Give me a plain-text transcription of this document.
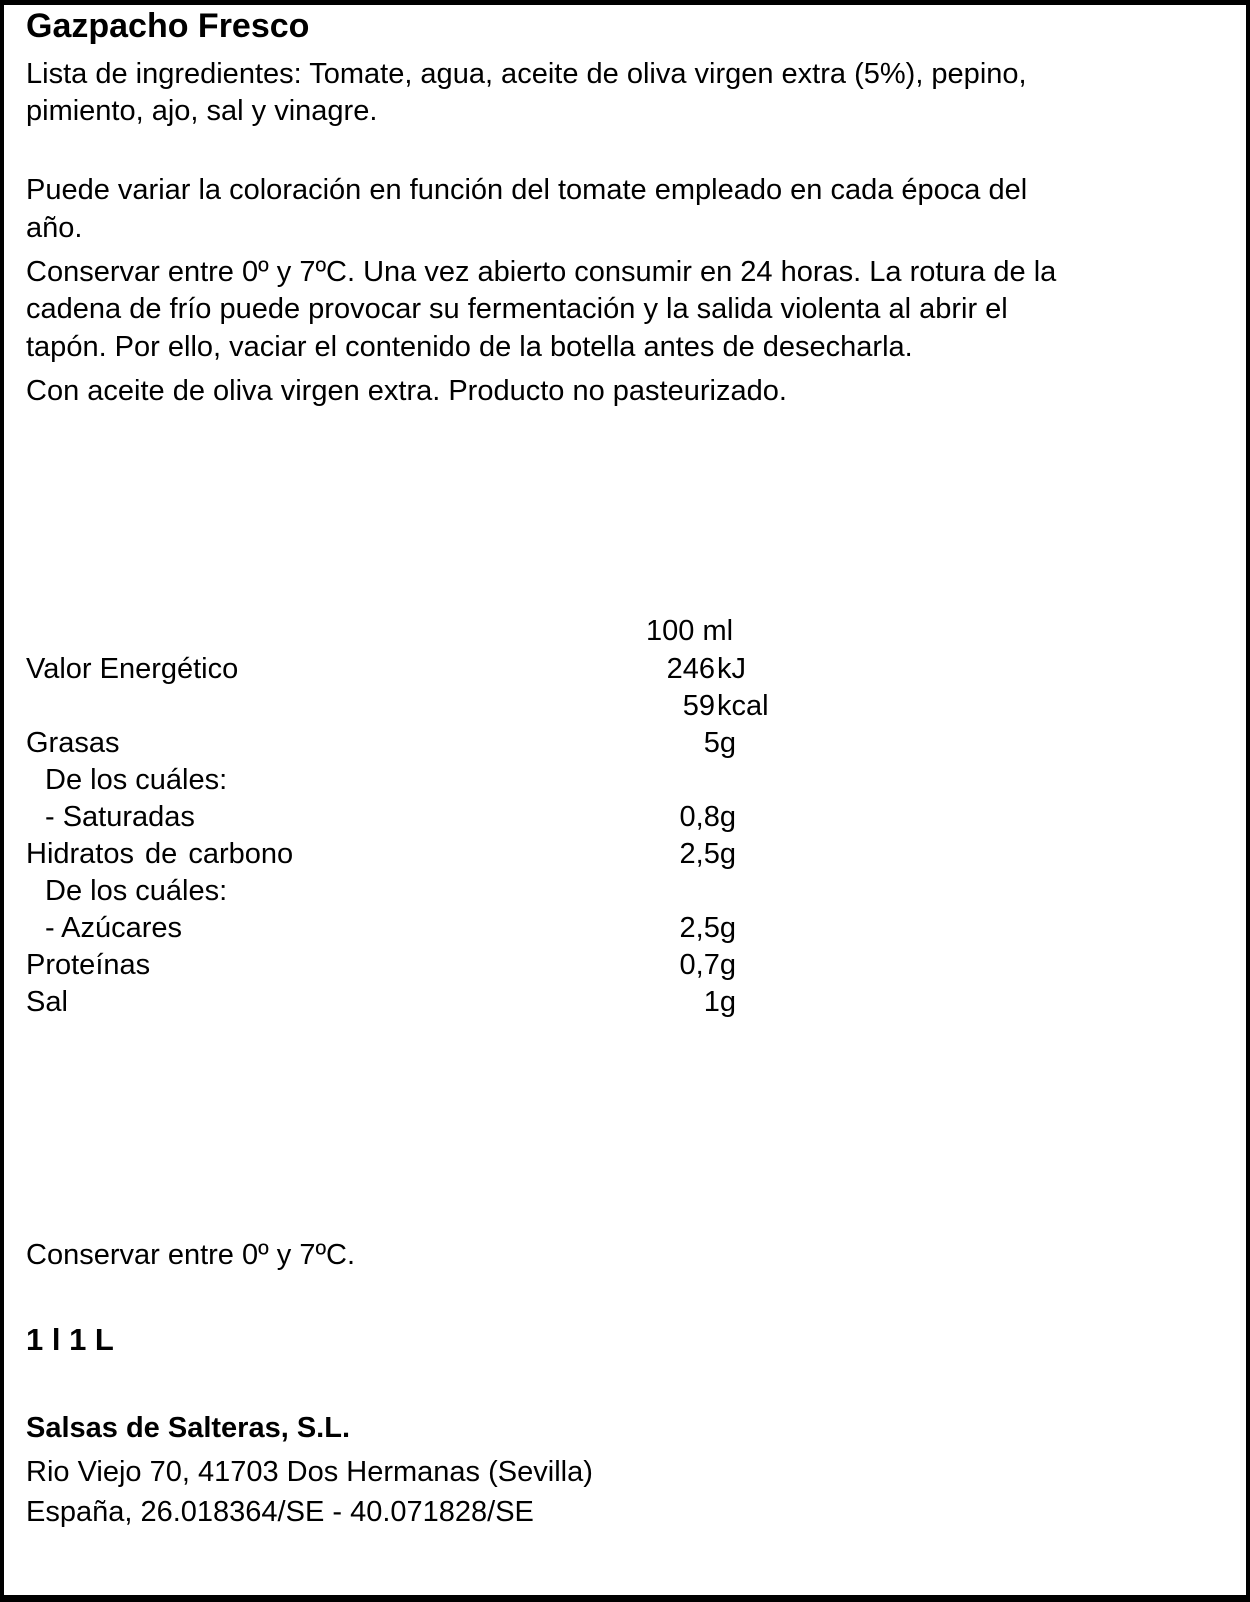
Gazpacho Fresco
Lista de ingredientes: Tomate, agua, aceite de oliva virgen extra (5%), pepino,
pimiento, ajo, sal y vinagre.
Puede variar la coloración en función del tomate empleado en cada época del
año.
Conservar entre 0º y 7ºC. Una vez abierto consumir en 24 horas. La rotura de la
cadena de frío puede provocar su fermentación y la salida violenta al abrir el
tapón. Por ello, vaciar el contenido de la botella antes de desecharla.
Con aceite de oliva virgen extra. Producto no pasteurizado.
100 ml
Valor Energético	246 kJ
59 kcal
Grasas	5g
De los cuáles:
- Saturadas	0,8g
Hidratos de carbono	2,5g
De los cuáles:
- Azúcares	2,5g
Proteínas	0,7g
Sal	1g
Conservar entre 0º y 7ºC.
1 l 1 L
Salsas de Salteras, S.L.
Rio Viejo 70, 41703 Dos Hermanas (Sevilla)
España, 26.018364/SE - 40.071828/SE
